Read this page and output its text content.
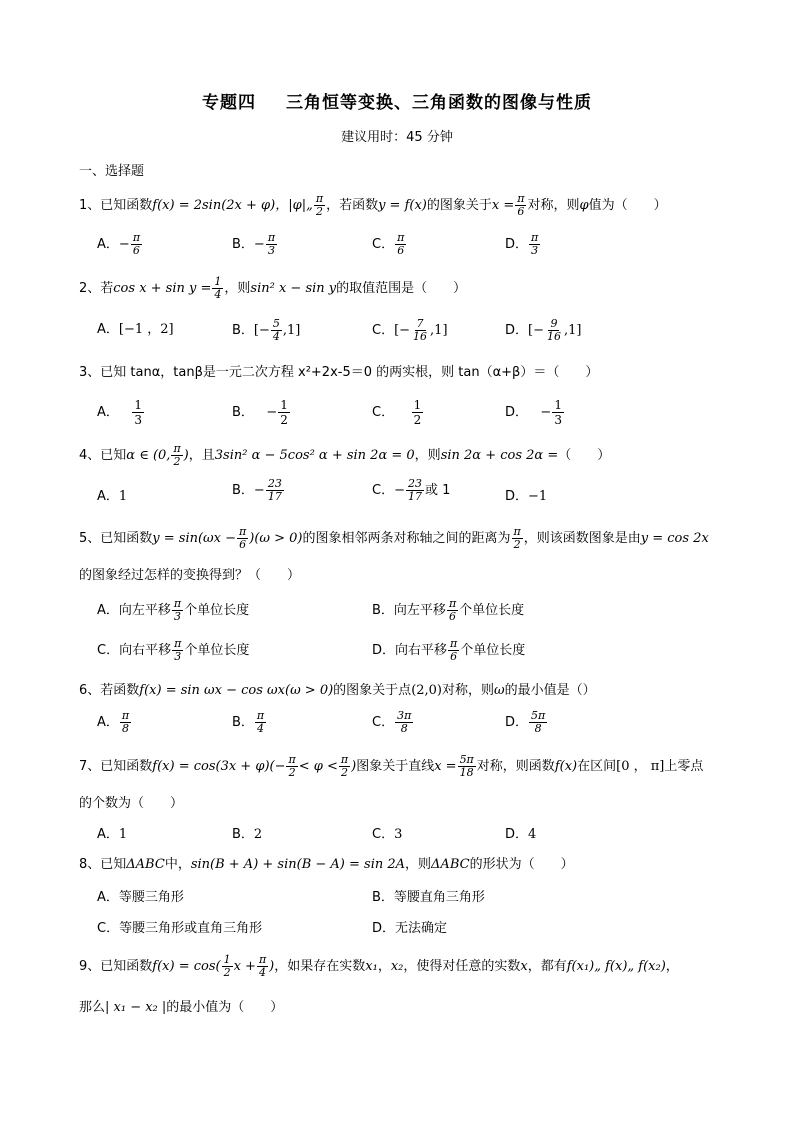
专题四 三角恒等变换、三角函数的图像与性质
建议用时：45 分钟
一、选择题
1、已知函数f(x) = 2sin(2x + φ)，|φ|„ $\frac{\pi}{2}$ ，若函数y = f(x)的图象关于$x = \frac{\pi}{6}$ 对称，则φ值为（　　）
A．− $\frac{\pi}{6}$	B．− $\frac{\pi}{3}$	C． $\frac{\pi}{6}$	D． $\frac{\pi}{3}$
2、若$\cos x + \sin y = \frac{1}{4}$ ，则sin² x − sin y的取值范围是（　　）
A．[−1 ，2]	B．[− $\frac{5}{4} ,1$]	C．[− $\frac{7}{16} ,1$]	D．[− $\frac{9}{16} ,1$]
3、已知 tanα，tanβ是一元二次方程 x²+2x-5＝0 的两实根，则 tan（α+β）＝（　　）
A． $\frac{1}{3}$	B． − $\frac{1}{2}$	C． $\frac{1}{2}$	D． − $\frac{1}{3}$
4、已知α ∈ (0, $\frac{\pi}{2}$ )，且3sin² α − 5cos² α + sin 2α = 0，则sin 2α + cos 2α =（　　）
A．1	B．− $\frac{23}{17}$	C．− $\frac{23}{17}$ 或 1	D．−1
5、已知函数$y = \sin(\omega x - \frac{\pi}{6} )(\omega > 0)$的图象相邻两条对称轴之间的距离为 $\frac{\pi}{2}$ ，则该函数图象是由y = cos 2x
的图象经过怎样的变换得到？（　　）
A．向左平移 $\frac{\pi}{3}$ 个单位长度	B．向左平移 $\frac{\pi}{6}$ 个单位长度
C．向右平移 $\frac{\pi}{3}$ 个单位长度	D．向右平移 $\frac{\pi}{6}$ 个单位长度
6、若函数f(x) = sin ωx − cos ωx(ω > 0)的图象关于点(2,0)对称，则ω的最小值是（）
A． $\frac{\pi}{8}$	B． $\frac{\pi}{4}$	C． $\frac{3\pi}{8}$	D． $\frac{5\pi}{8}$
7、已知函数$f(x) = \cos(3x + \varphi)(- \frac{\pi}{2} < \varphi < \frac{\pi}{2}$ )图象关于直线$x = \frac{5\pi}{18}$ 对称，则函数f(x)在区间[0 ， π]上零点
的个数为（　　）
A．1	B．2	C．3	D．4
8、已知ΔABC中，sin(B + A) + sin(B − A) = sin 2A，则ΔABC的形状为（　　）
A．等腰三角形	B．等腰直角三角形
C．等腰三角形或直角三角形	D．无法确定
9、已知函数$f(x) = \cos( \frac{1}{2}$ $x + \frac{\pi}{4}$ )，如果存在实数x₁，x₂，使得对任意的实数x，都有f(x₁)„ f(x)„ f(x₂)，
那么| x₁ − x₂ |的最小值为（　　）
